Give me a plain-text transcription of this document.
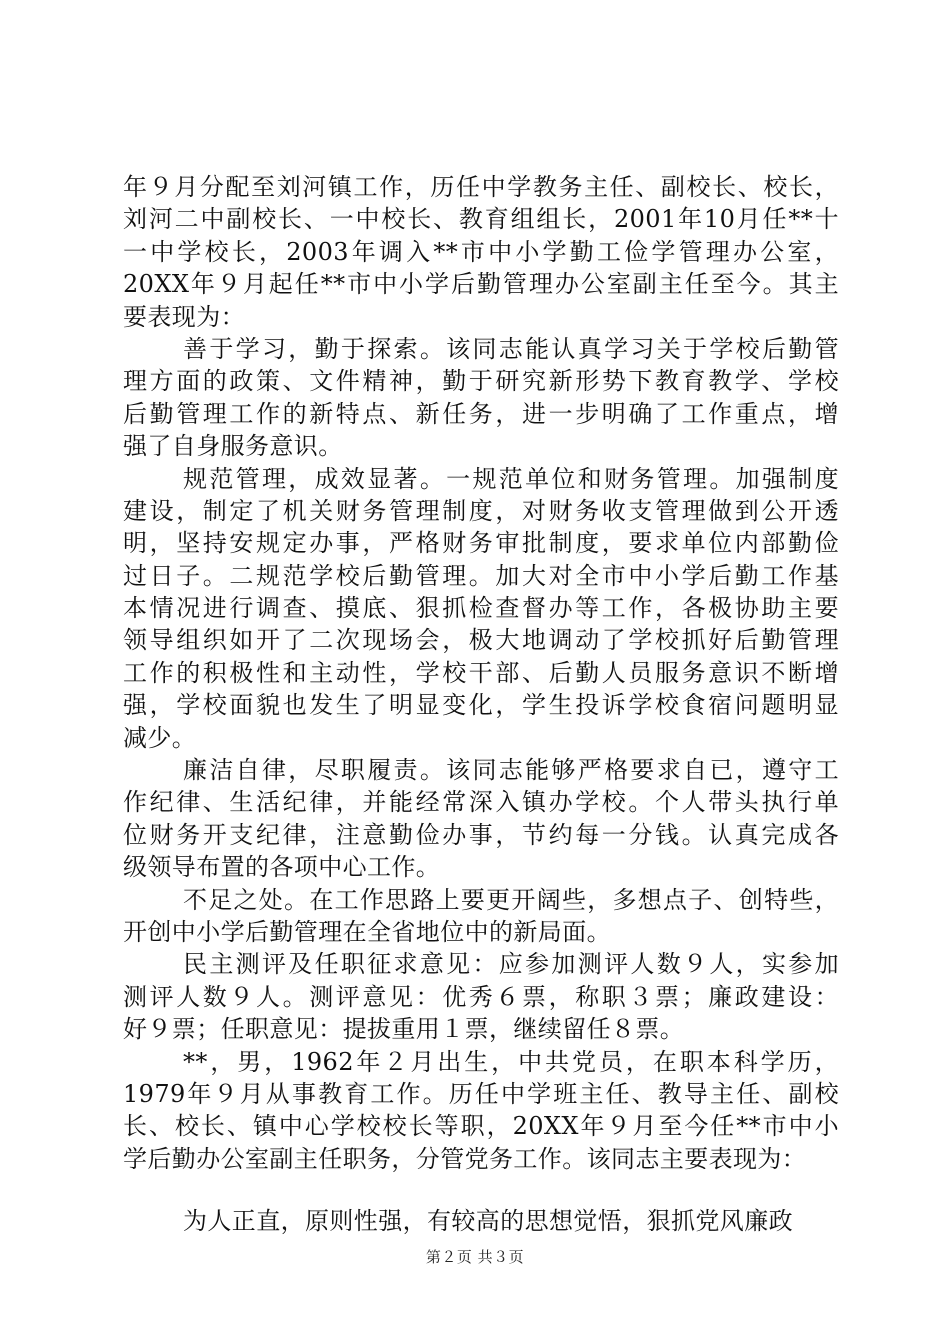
年９月分配至刘河镇工作，历任中学教务主任、副校长、校长，
刘河二中副校长、一中校长、教育组组长，2001年10月任**十
一中学校长，2003年调入**市中小学勤工俭学管理办公室，
20XX年９月起任**市中小学后勤管理办公室副主任至今。其主
要表现为：
善于学习，勤于探索。该同志能认真学习关于学校后勤管
理方面的政策、文件精神，勤于研究新形势下教育教学、学校
后勤管理工作的新特点、新任务，进一步明确了工作重点，增
强了自身服务意识。
规范管理，成效显著。一规范单位和财务管理。加强制度
建设，制定了机关财务管理制度，对财务收支管理做到公开透
明，坚持安规定办事，严格财务审批制度，要求单位内部勤俭
过日子。二规范学校后勤管理。加大对全市中小学后勤工作基
本情况进行调查、摸底、狠抓检查督办等工作，各极协助主要
领导组织如开了二次现场会，极大地调动了学校抓好后勤管理
工作的积极性和主动性，学校干部、后勤人员服务意识不断增
强，学校面貌也发生了明显变化，学生投诉学校食宿问题明显
减少。
廉洁自律，尽职履责。该同志能够严格要求自已，遵守工
作纪律、生活纪律，并能经常深入镇办学校。个人带头执行单
位财务开支纪律，注意勤俭办事，节约每一分钱。认真完成各
级领导布置的各项中心工作。
不足之处。在工作思路上要更开阔些，多想点子、创特些，
开创中小学后勤管理在全省地位中的新局面。
民主测评及任职征求意见：应参加测评人数９人，实参加
测评人数９人。测评意见：优秀６票，称职３票；廉政建设：
好９票；任职意见：提拔重用１票，继续留任８票。
**，男，1962年２月出生，中共党员，在职本科学历，
1979年９月从事教育工作。历任中学班主任、教导主任、副校
长、校长、镇中心学校校长等职，20XX年９月至今任**市中小
学后勤办公室副主任职务，分管党务工作。该同志主要表现为：
为人正直，原则性强，有较高的思想觉悟，狠抓党风廉政
第２页 共３页
